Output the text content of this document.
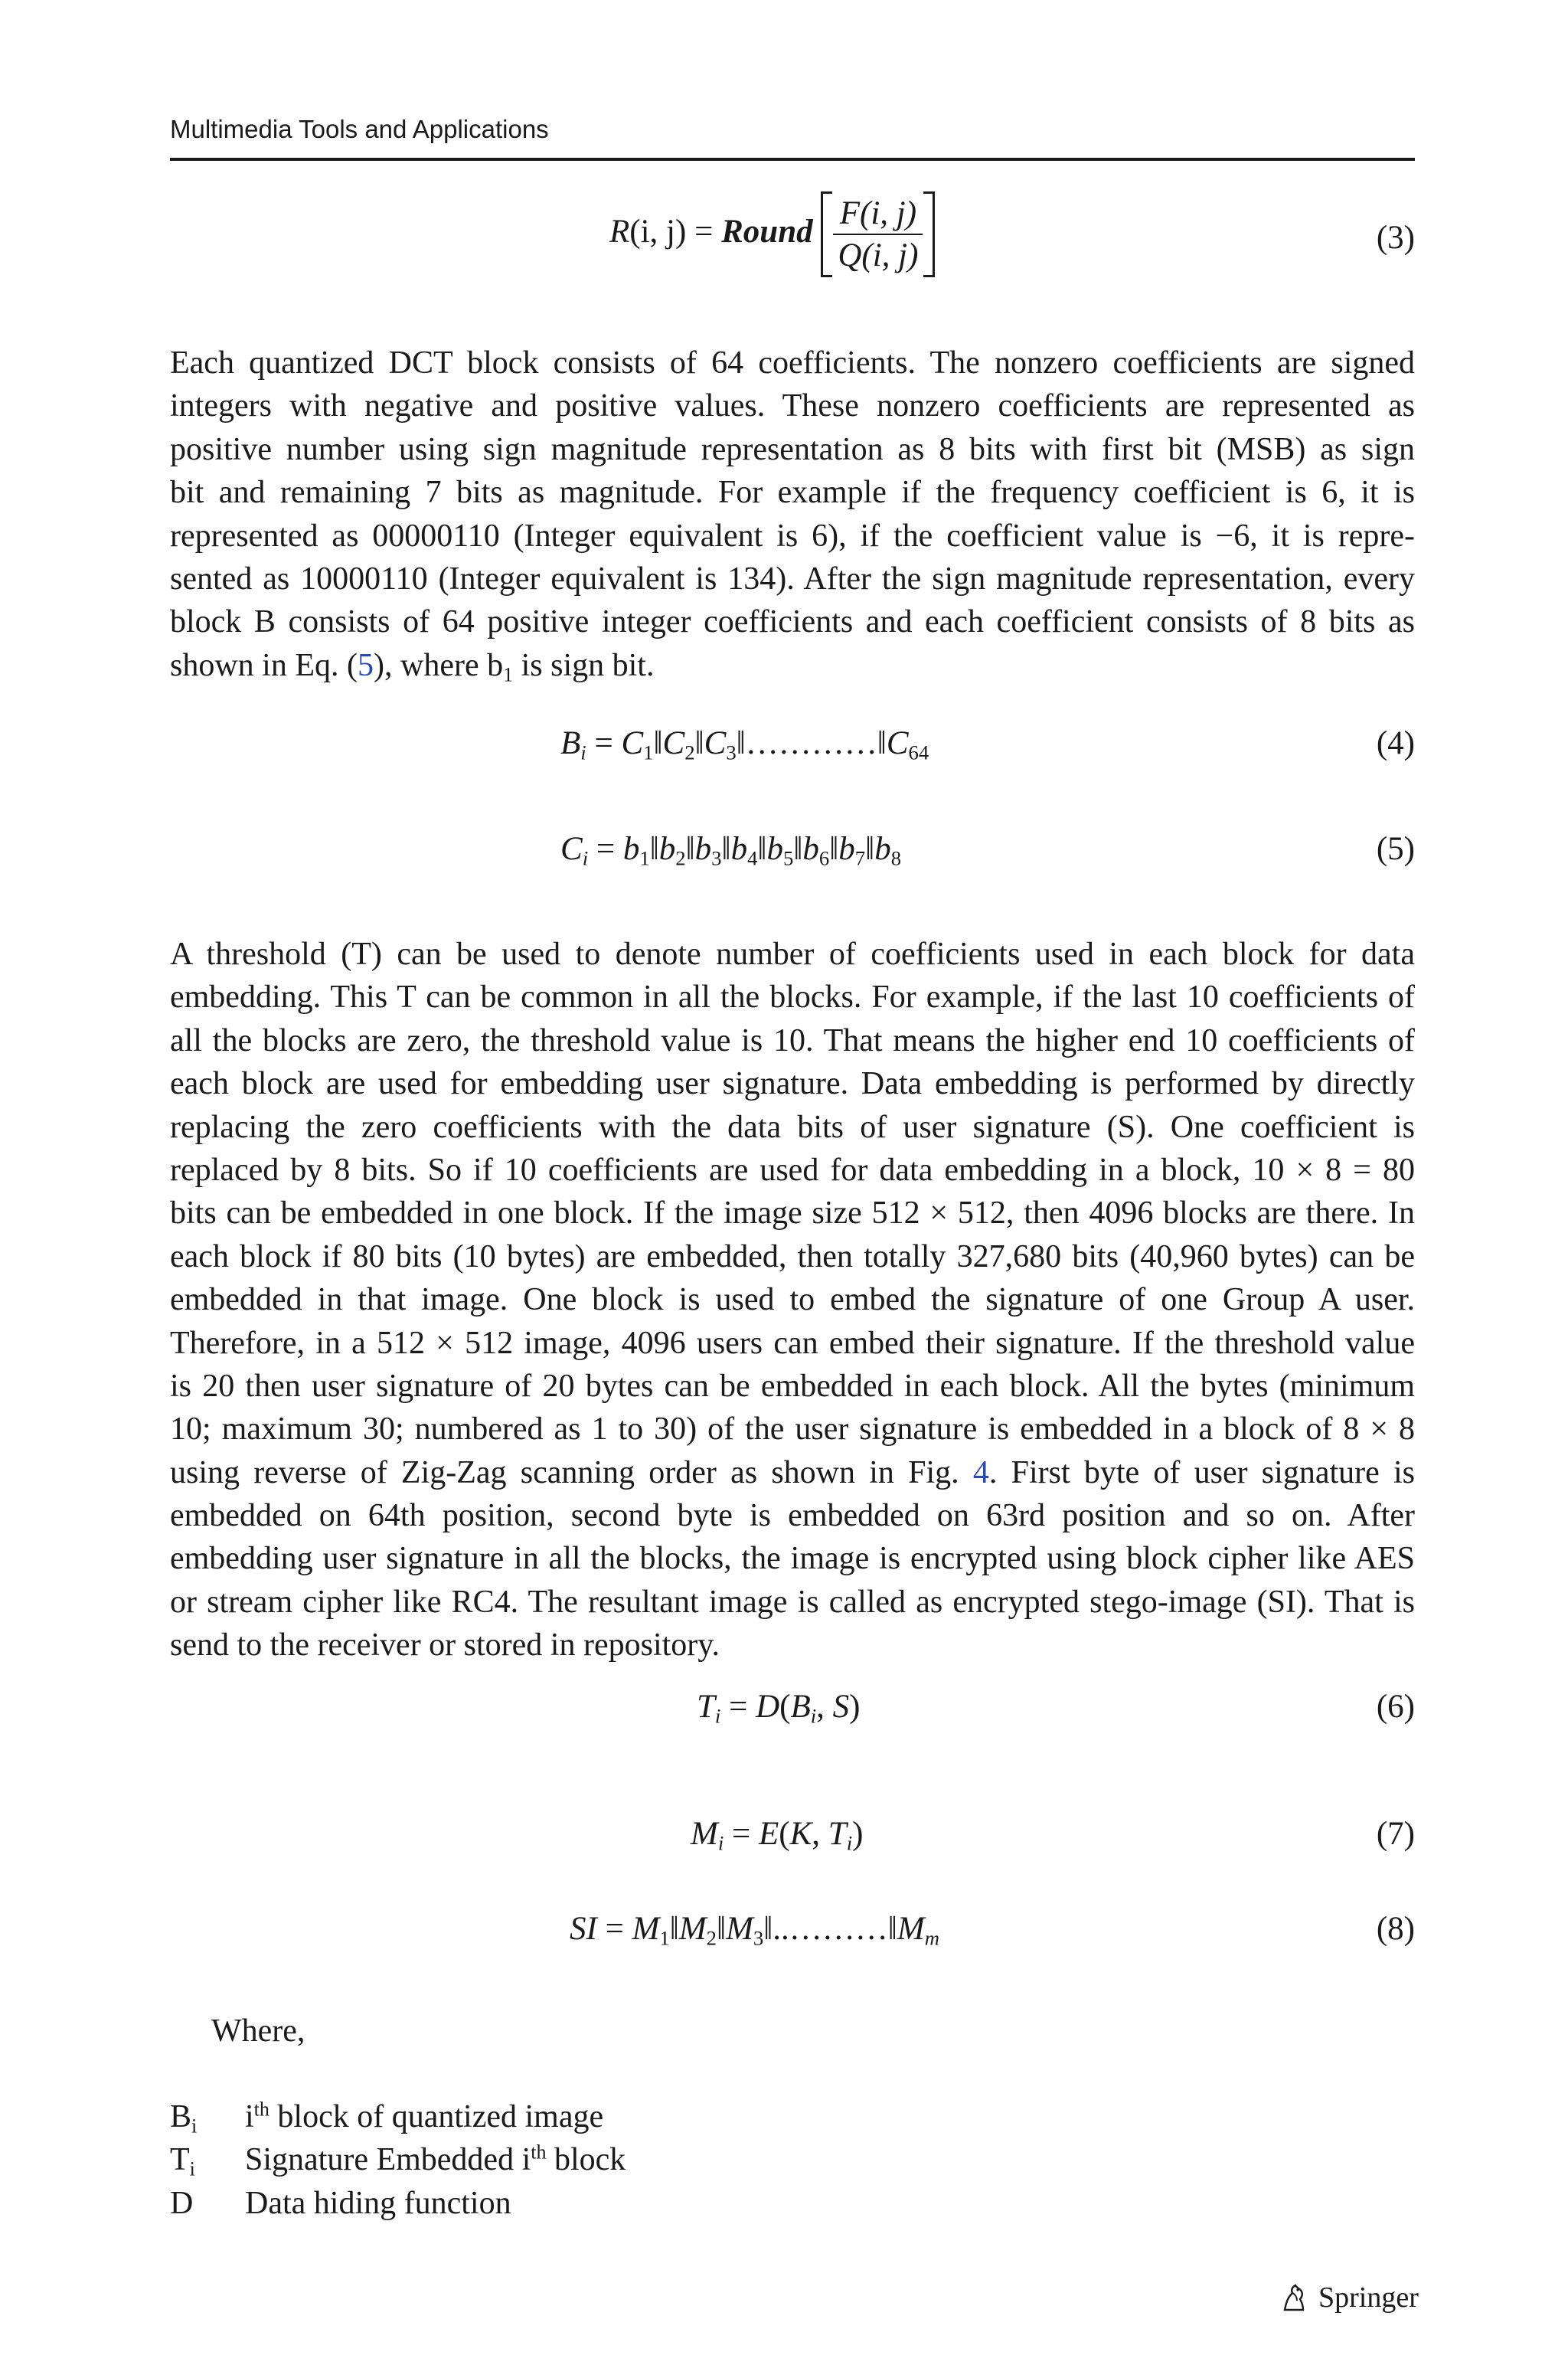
Multimedia Tools and Applications
R(i, j) = Round $\frac{F(i, j)}{Q(i, j)}$	(3)
Each quantized DCT block consists of 64 coefficients. The nonzero coefficients are signed
integers with negative and positive values. These nonzero coefficients are represented as
positive number using sign magnitude representation as 8 bits with first bit (MSB) as sign
bit and remaining 7 bits as magnitude. For example if the frequency coefficient is 6, it is
represented as 00000110 (Integer equivalent is 6), if the coefficient value is −6, it is repre-
sented as 10000110 (Integer equivalent is 134). After the sign magnitude representation, every
block B consists of 64 positive integer coefficients and each coefficient consists of 8 bits as
shown in Eq. (5), where $b_1$ is sign bit.
$B_i$ = $C_1‖C_2‖C_3‖\dots\dots\dots\dots‖C_{64}$	(4)
$C_i$ = $b_1‖b_2‖b_3‖b_4‖b_5‖b_6‖b_7‖b_8$	(5)
A threshold (T) can be used to denote number of coefficients used in each block for data
embedding. This T can be common in all the blocks. For example, if the last 10 coefficients of
all the blocks are zero, the threshold value is 10. That means the higher end 10 coefficients of
each block are used for embedding user signature. Data embedding is performed by directly
replacing the zero coefficients with the data bits of user signature (S). One coefficient is
replaced by 8 bits. So if 10 coefficients are used for data embedding in a block, 10 × 8 = 80
bits can be embedded in one block. If the image size 512 × 512, then 4096 blocks are there. In
each block if 80 bits (10 bytes) are embedded, then totally 327,680 bits (40,960 bytes) can be
embedded in that image. One block is used to embed the signature of one Group A user.
Therefore, in a 512 × 512 image, 4096 users can embed their signature. If the threshold value
is 20 then user signature of 20 bytes can be embedded in each block. All the bytes (minimum
10; maximum 30; numbered as 1 to 30) of the user signature is embedded in a block of 8 × 8
using reverse of Zig-Zag scanning order as shown in Fig. 4. First byte of user signature is
embedded on 64th position, second byte is embedded on 63rd position and so on. After
embedding user signature in all the blocks, the image is encrypted using block cipher like AES
or stream cipher like RC4. The resultant image is called as encrypted stego-image (SI). That is
send to the receiver or stored in repository.
$T_i = D(B_i$, S)	(6)
$M_i = E(K$, $T_i$)	(7)
SI = $M_1‖M_2‖M_3‖..\dots\dots\dots‖M_m$	(8)
Where,
$B_i$ $i^{th}$ block of quantized image
$T_i$ Signature Embedded $i^{th}$ block
D Data hiding function
Springer
